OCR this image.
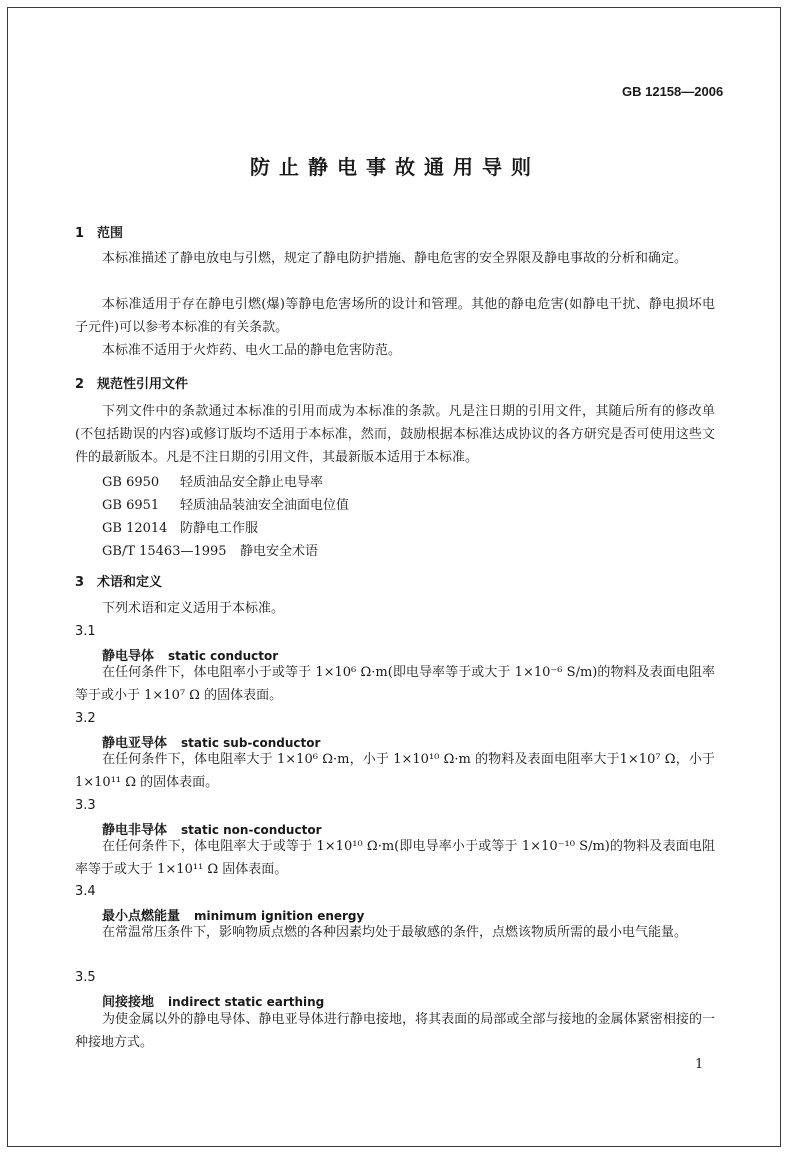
GB 12158—2006
防止静电事故通用导则
1 范围
本标准描述了静电放电与引燃，规定了静电防护措施、静电危害的安全界限及静电事故的分析和确定。
本标准适用于存在静电引燃(爆)等静电危害场所的设计和管理。其他的静电危害(如静电干扰、静电损坏电子元件)可以参考本标准的有关条款。
本标准不适用于火炸药、电火工品的静电危害防范。
2 规范性引用文件
下列文件中的条款通过本标准的引用而成为本标准的条款。凡是注日期的引用文件，其随后所有的修改单(不包括勘误的内容)或修订版均不适用于本标准，然而，鼓励根据本标准达成协议的各方研究是否可使用这些文件的最新版本。凡是不注日期的引用文件，其最新版本适用于本标准。
GB 6950 轻质油品安全静止电导率
GB 6951 轻质油品装油安全油面电位值
GB 12014 防静电工作服
GB/T 15463—1995 静电安全术语
3 术语和定义
下列术语和定义适用于本标准。
3.1
静电导体 static conductor
在任何条件下，体电阻率小于或等于 1×10⁶ Ω·m(即电导率等于或大于 1×10⁻⁶ S/m)的物料及表面电阻率等于或小于 1×10⁷ Ω 的固体表面。
3.2
静电亚导体 static sub-conductor
在任何条件下，体电阻率大于 1×10⁶ Ω·m，小于 1×10¹⁰ Ω·m 的物料及表面电阻率大于1×10⁷ Ω，小于 1×10¹¹ Ω 的固体表面。
3.3
静电非导体 static non-conductor
在任何条件下，体电阻率大于或等于 1×10¹⁰ Ω·m(即电导率小于或等于 1×10⁻¹⁰ S/m)的物料及表面电阻率等于或大于 1×10¹¹ Ω 固体表面。
3.4
最小点燃能量 minimum ignition energy
在常温常压条件下，影响物质点燃的各种因素均处于最敏感的条件，点燃该物质所需的最小电气能量。
3.5
间接接地 indirect static earthing
为使金属以外的静电导体、静电亚导体进行静电接地，将其表面的局部或全部与接地的金属体紧密相接的一种接地方式。
1
